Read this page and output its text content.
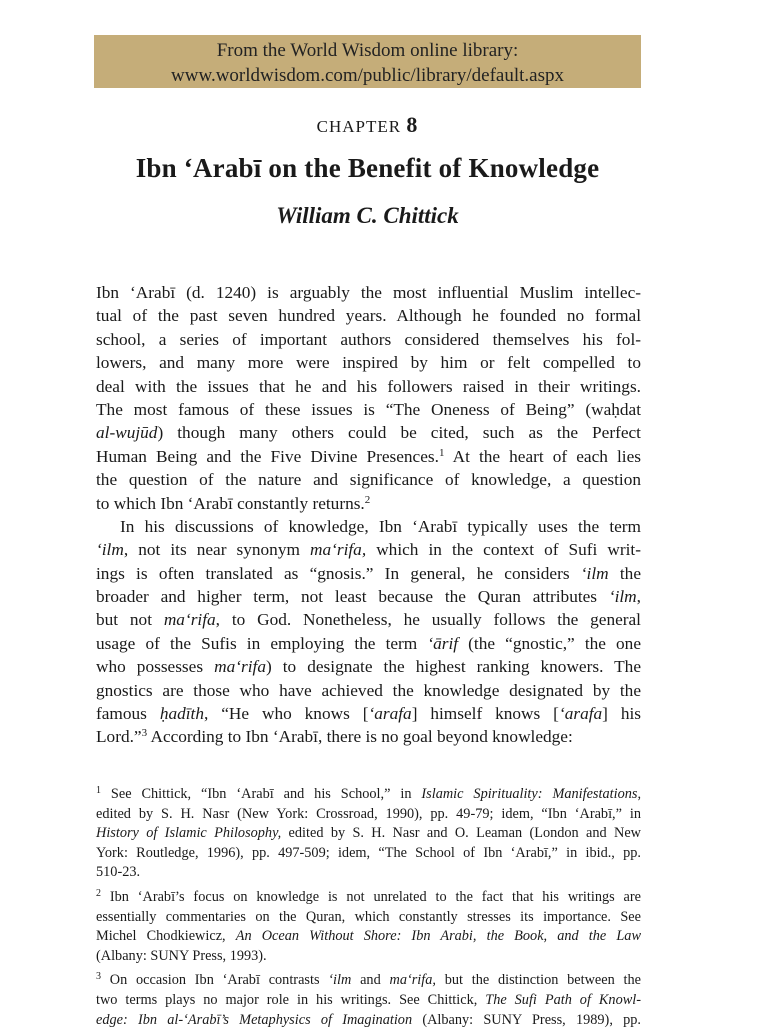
From the World Wisdom online library:
www.worldwisdom.com/public/library/default.aspx
CHAPTER 8
Ibn ‘Arabī on the Benefit of Knowledge
William C. Chittick
Ibn ‘Arabī (d. 1240) is arguably the most influential Muslim intellec-
tual of the past seven hundred years. Although he founded no formal
school, a series of important authors considered themselves his fol-
lowers, and many more were inspired by him or felt compelled to
deal with the issues that he and his followers raised in their writings.
The most famous of these issues is “The Oneness of Being” (waḥdat
al-wujūd) though many others could be cited, such as the Perfect
Human Being and the Five Divine Presences.$^1$ At the heart of each lies
the question of the nature and significance of knowledge, a question
to which Ibn ‘Arabī constantly returns.$^2$
In his discussions of knowledge, Ibn ‘Arabī typically uses the term
‘ilm, not its near synonym ma‘rifa, which in the context of Sufi writ-
ings is often translated as “gnosis.” In general, he considers ‘ilm the
broader and higher term, not least because the Quran attributes ‘ilm,
but not ma‘rifa, to God. Nonetheless, he usually follows the general
usage of the Sufis in employing the term ‘ārif (the “gnostic,” the one
who possesses ma‘rifa) to designate the highest ranking knowers. The
gnostics are those who have achieved the knowledge designated by the
famous ḥadīth, “He who knows [‘arafa] himself knows [‘arafa] his
Lord.”$^3$ According to Ibn ‘Arabī, there is no goal beyond knowledge:
$^1$ See Chittick, “Ibn ‘Arabī and his School,” in Islamic Spirituality: Manifestations,
edited by S. H. Nasr (New York: Crossroad, 1990), pp. 49-79; idem, “Ibn ‘Arabī,” in
History of Islamic Philosophy, edited by S. H. Nasr and O. Leaman (London and New
York: Routledge, 1996), pp. 497-509; idem, “The School of Ibn ‘Arabī,” in ibid., pp.
510-23.
$^2$ Ibn ‘Arabī’s focus on knowledge is not unrelated to the fact that his writings are
essentially commentaries on the Quran, which constantly stresses its importance. See
Michel Chodkiewicz, An Ocean Without Shore: Ibn Arabi, the Book, and the Law
(Albany: SUNY Press, 1993).
$^3$ On occasion Ibn ‘Arabī contrasts ‘ilm and ma‘rifa, but the distinction between the
two terms plays no major role in his writings. See Chittick, The Sufi Path of Knowl-
edge: Ibn al-‘Arabī’s Metaphysics of Imagination (Albany: SUNY Press, 1989), pp.
